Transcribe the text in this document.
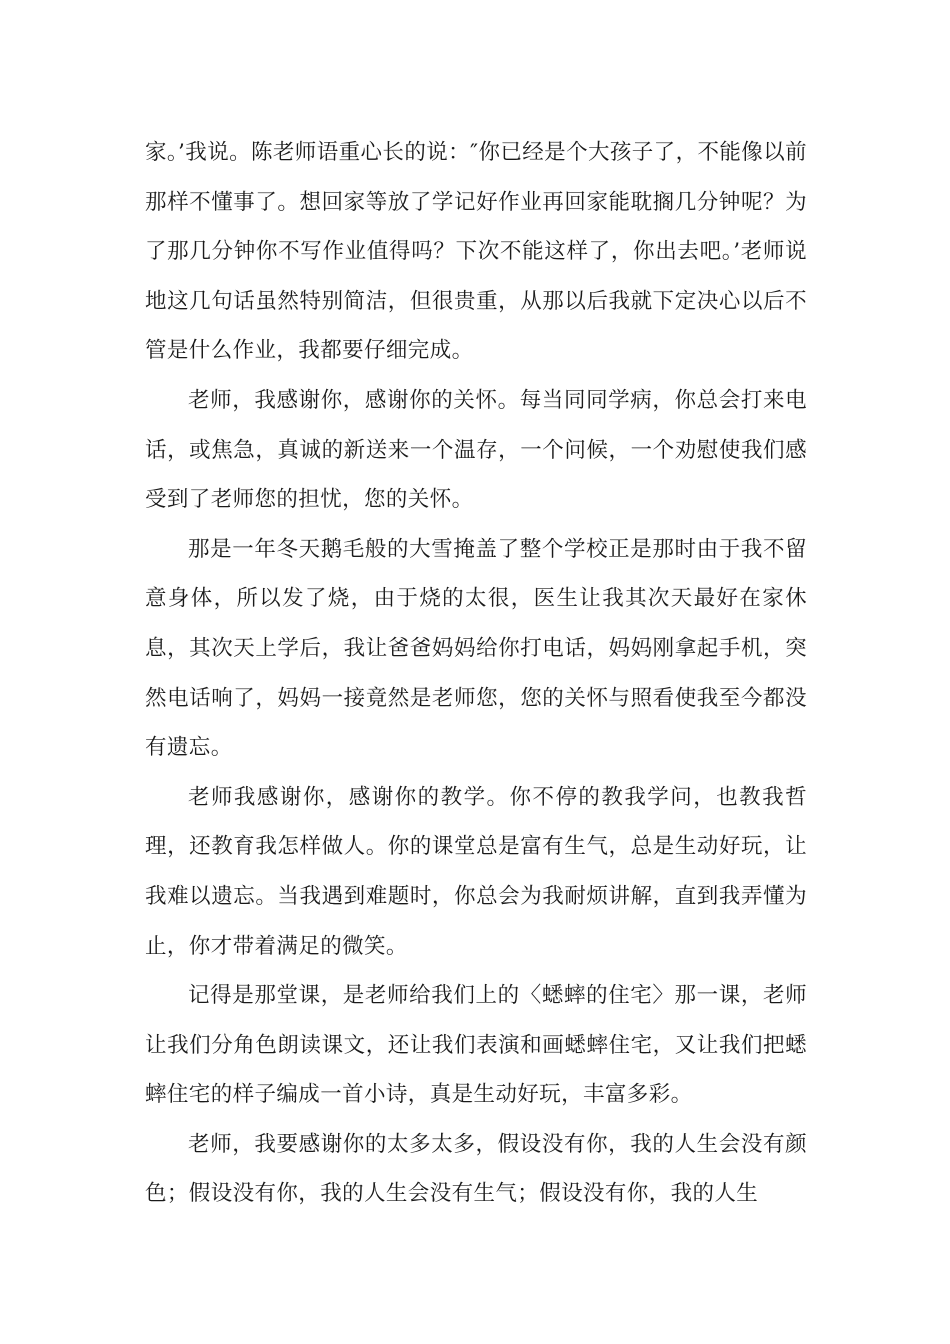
家。’我说。陈老师语重心长的说：″你已经是个大孩子了，不能像以前那样不懂事了。想回家等放了学记好作业再回家能耽搁几分钟呢？为了那几分钟你不写作业值得吗？下次不能这样了，你出去吧。’老师说地这几句话虽然特别简洁，但很贵重，从那以后我就下定决心以后不管是什么作业，我都要仔细完成。

老师，我感谢你，感谢你的关怀。每当同同学病，你总会打来电话，或焦急，真诚的新送来一个温存，一个问候，一个劝慰使我们感受到了老师您的担忧，您的关怀。

那是一年冬天鹅毛般的大雪掩盖了整个学校正是那时由于我不留意身体，所以发了烧，由于烧的太很，医生让我其次天最好在家休息，其次天上学后，我让爸爸妈妈给你打电话，妈妈刚拿起手机，突然电话响了，妈妈一接竟然是老师您，您的关怀与照看使我至今都没有遗忘。

老师我感谢你，感谢你的教学。你不停的教我学问，也教我哲理，还教育我怎样做人。你的课堂总是富有生气，总是生动好玩，让我难以遗忘。当我遇到难题时，你总会为我耐烦讲解，直到我弄懂为止，你才带着满足的微笑。

记得是那堂课，是老师给我们上的〈蟋蟀的住宅〉那一课，老师让我们分角色朗读课文，还让我们表演和画蟋蟀住宅，又让我们把蟋蟀住宅的样子编成一首小诗，真是生动好玩，丰富多彩。

老师，我要感谢你的太多太多，假设没有你，我的人生会没有颜色；假设没有你，我的人生会没有生气；假设没有你，我的人生
